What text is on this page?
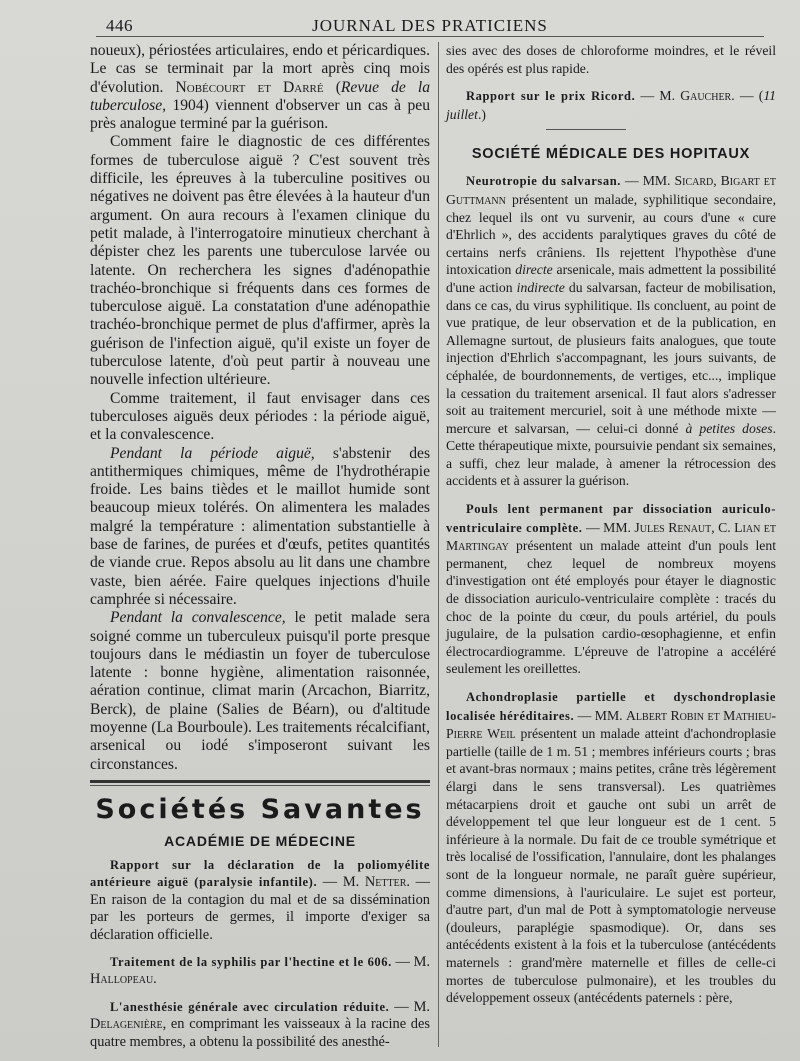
446	JOURNAL DES PRATICIENS

noueux), périostées articulaires, endo et péricardiques. Le cas se terminait par la mort après cinq mois d'évolution. Nobécourt et Darré (Revue de la tuberculose, 1904) viennent d'observer un cas à peu près analogue terminé par la guérison.

Comment faire le diagnostic de ces différentes formes de tuberculose aiguë ? C'est souvent très difficile, les épreuves à la tuberculine positives ou négatives ne doivent pas être élevées à la hauteur d'un argument. On aura recours à l'examen clinique du petit malade, à l'interrogatoire minutieux cherchant à dépister chez les parents une tuberculose larvée ou latente. On recherchera les signes d'adénopathie trachéo-bronchique si fréquents dans ces formes de tuberculose aiguë. La constatation d'une adénopathie trachéo-bronchique permet de plus d'affirmer, après la guérison de l'infection aiguë, qu'il existe un foyer de tuberculose latente, d'où peut partir à nouveau une nouvelle infection ultérieure.

Comme traitement, il faut envisager dans ces tuberculoses aiguës deux périodes : la période aiguë, et la convalescence.

Pendant la période aiguë, s'abstenir des antithermiques chimiques, même de l'hydrothérapie froide. Les bains tièdes et le maillot humide sont beaucoup mieux tolérés. On alimentera les malades malgré la température : alimentation substantielle à base de farines, de purées et d'œufs, petites quantités de viande crue. Repos absolu au lit dans une chambre vaste, bien aérée. Faire quelques injections d'huile camphrée si nécessaire.

Pendant la convalescence, le petit malade sera soigné comme un tuberculeux puisqu'il porte presque toujours dans le médiastin un foyer de tuberculose latente : bonne hygiène, alimentation raisonnée, aération continue, climat marin (Arcachon, Biarritz, Berck), de plaine (Salies de Béarn), ou d'altitude moyenne (La Bourboule). Les traitements récalcifiant, arsenical ou iodé s'imposeront suivant les circonstances.

Sociétés Savantes
ACADÉMIE DE MÉDECINE

Rapport sur la déclaration de la poliomyélite antérieure aiguë (paralysie infantile). — M. Netter. — En raison de la contagion du mal et de sa dissémination par les porteurs de germes, il importe d'exiger sa déclaration officielle.

Traitement de la syphilis par l'hectine et le 606. — M. Hallopeau.

L'anesthésie générale avec circulation réduite. — M. Delagenière, en comprimant les vaisseaux à la racine des quatre membres, a obtenu la possibilité des anesthé-

sies avec des doses de chloroforme moindres, et le réveil des opérés est plus rapide.

Rapport sur le prix Ricord. — M. Gaucher. — (11 juillet.)

SOCIÉTÉ MÉDICALE DES HOPITAUX

Neurotropie du salvarsan. — MM. Sicard, Bigart et Guttmann présentent un malade, syphilitique secondaire, chez lequel ils ont vu survenir, au cours d'une « cure d'Ehrlich », des accidents paralytiques graves du côté de certains nerfs crâniens. Ils rejettent l'hypothèse d'une intoxication directe arsenicale, mais admettent la possibilité d'une action indirecte du salvarsan, facteur de mobilisation, dans ce cas, du virus syphilitique. Ils concluent, au point de vue pratique, de leur observation et de la publication, en Allemagne surtout, de plusieurs faits analogues, que toute injection d'Ehrlich s'accompagnant, les jours suivants, de céphalée, de bourdonnements, de vertiges, etc..., implique la cessation du traitement arsenical. Il faut alors s'adresser soit au traitement mercuriel, soit à une méthode mixte — mercure et salvarsan, — celui-ci donné à petites doses. Cette thérapeutique mixte, poursuivie pendant six semaines, a suffi, chez leur malade, à amener la rétrocession des accidents et à assurer la guérison.

Pouls lent permanent par dissociation auriculo-ventriculaire complète. — MM. Jules Renaut, C. Lian et Martingay présentent un malade atteint d'un pouls lent permanent, chez lequel de nombreux moyens d'investigation ont été employés pour étayer le diagnostic de dissociation auriculo-ventriculaire complète : tracés du choc de la pointe du cœur, du pouls artériel, du pouls jugulaire, de la pulsation cardio-œsophagienne, et enfin électrocardiogramme. L'épreuve de l'atropine a accéléré seulement les oreillettes.

Achondroplasie partielle et dyschondroplasie localisée héréditaires. — MM. Albert Robin et Mathieu-Pierre Weil présentent un malade atteint d'achondroplasie partielle (taille de 1 m. 51 ; membres inférieurs courts ; bras et avant-bras normaux ; mains petites, crâne très légèrement élargi dans le sens transversal). Les quatrièmes métacarpiens droit et gauche ont subi un arrêt de développement tel que leur longueur est de 1 cent. 5 inférieure à la normale. Du fait de ce trouble symétrique et très localisé de l'ossification, l'annulaire, dont les phalanges sont de la longueur normale, ne paraît guère supérieur, comme dimensions, à l'auriculaire. Le sujet est porteur, d'autre part, d'un mal de Pott à symptomatologie nerveuse (douleurs, paraplégie spasmodique). Or, dans ses antécédents existent à la fois et la tuberculose (antécédents maternels : grand'mère maternelle et filles de celle-ci mortes de tuberculose pulmonaire), et les troubles du développement osseux (antécédents paternels : père,
